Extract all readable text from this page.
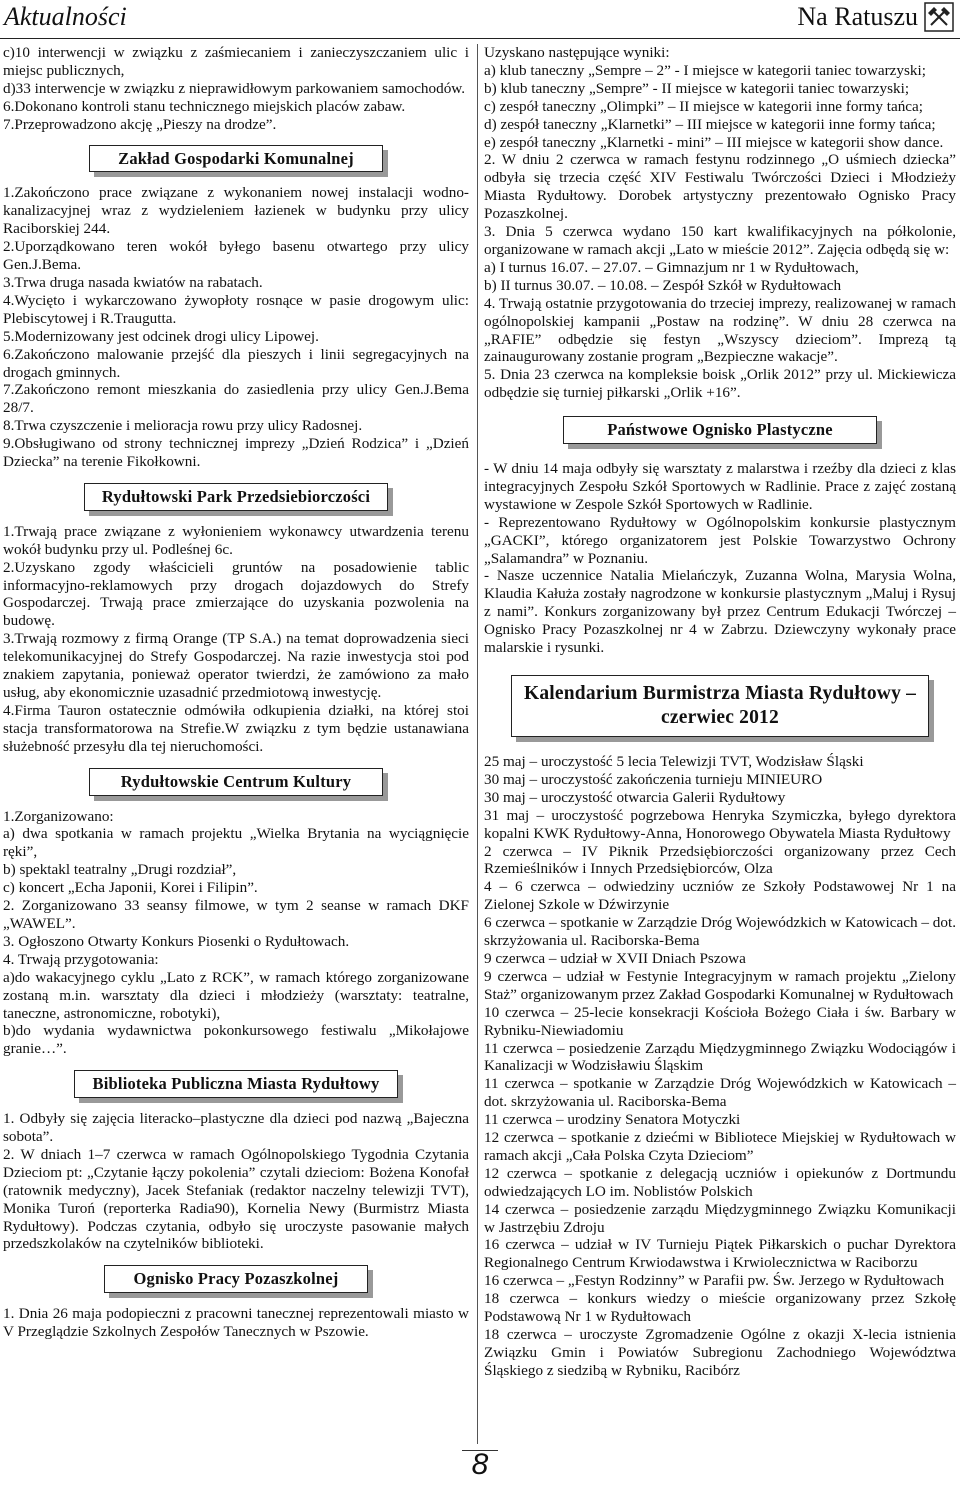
Aktualności	Na Ratuszu

c)10 interwencji w związku z zaśmiecaniem i zanieczyszczaniem ulic i miejsc publicznych,

d)33 interwencje w związku z nieprawidłowym parkowaniem samochodów.

6.Dokonano kontroli stanu technicznego miejskich placów zabaw.

7.Przeprowadzono akcję „Pieszy na drodze”.

Zakład Gospodarki Komunalnej

1.Zakończono prace związane z wykonaniem nowej instalacji wodno-kanalizacyjnej wraz z wydzieleniem łazienek w budynku przy ulicy Raciborskiej 244.

2.Uporządkowano teren wokół byłego basenu otwartego przy ulicy Gen.J.Bema.

3.Trwa druga nasada kwiatów na rabatach.

4.Wycięto i wykarczowano żywopłoty rosnące w pasie drogowym ulic: Plebiscytowej i R.Traugutta.

5.Modernizowany jest odcinek drogi ulicy Lipowej.

6.Zakończono malowanie przejść dla pieszych i linii segregacyjnych na drogach gminnych.

7.Zakończono remont mieszkania do zasiedlenia przy ulicy Gen.J.Bema 28/7.

8.Trwa czyszczenie i melioracja rowu przy ulicy Radosnej.

9.Obsługiwano od strony technicznej imprezy „Dzień Rodzica” i „Dzień Dziecka” na terenie Fikołkowni.

Rydułtowski Park Przedsiebiorczości

1.Trwają prace związane z wyłonieniem wykonawcy utwardzenia terenu wokół budynku przy ul. Podleśnej 6c.

2.Uzyskano zgody właścicieli gruntów na posadowienie tablic informacyjno-reklamowych przy drogach dojazdowych do Strefy Gospodarczej. Trwają prace zmierzające do uzyskania pozwolenia na budowę.

3.Trwają rozmowy z firmą Orange (TP S.A.) na temat doprowadzenia sieci telekomunikacyjnej do Strefy Gospodarczej. Na razie inwestycja stoi pod znakiem zapytania, ponieważ operator twierdzi, że zamówiono za mało usług, aby ekonomicznie uzasadnić przedmiotową inwestycję.

4.Firma Tauron ostatecznie odmówiła odkupienia działki, na której stoi stacja transformatorowa na Strefie.W związku z tym będzie ustanawiana służebność przesyłu dla tej nieruchomości.

Rydułtowskie Centrum Kultury

1.Zorganizowano:

a) dwa spotkania w ramach projektu „Wielka Brytania na wyciągnięcie ręki”,

b) spektakl teatralny „Drugi rozdział”,

c) koncert „Echa Japonii, Korei i Filipin”.

2. Zorganizowano 33 seansy filmowe, w tym 2 seanse w ramach DKF „WAWEL”.

3. Ogłoszono Otwarty Konkurs Piosenki o Rydułtowach.

4. Trwają przygotowania:

a)do wakacyjnego cyklu „Lato z RCK”, w ramach którego zorganizowane zostaną m.in. warsztaty dla dzieci i młodzieży (warsztaty: teatralne, taneczne, astronomiczne, robotyki),

b)do wydania wydawnictwa pokonkursowego festiwalu „Mikołajowe granie…”.

Biblioteka Publiczna Miasta Rydułtowy

1. Odbyły się zajęcia literacko–plastyczne dla dzieci pod nazwą „Bajeczna sobota”.

2. W dniach 1–7 czerwca w ramach Ogólnopolskiego Tygodnia Czytania Dzieciom pt: „Czytanie łączy pokolenia” czytali dzieciom: Bożena Konofał (ratownik medyczny), Jacek Stefaniak (redaktor naczelny telewizji TVT), Monika Turoń (reporterka Radia90), Kornelia Newy (Burmistrz Miasta Rydułtowy). Podczas czytania, odbyło się uroczyste pasowanie małych przedszkolaków na czytelników biblioteki.

Ognisko Pracy Pozaszkolnej

1. Dnia 26 maja podopieczni z pracowni tanecznej reprezentowali miasto w V Przeglądzie Szkolnych Zespołów Tanecznych w Pszowie.

Uzyskano następujące wyniki:

a) klub taneczny „Sempre – 2” - I miejsce w kategorii taniec towarzyski;

b) klub taneczny „Sempre” - II miejsce w kategorii taniec towarzyski;

c) zespół taneczny „Olimpki” – II miejsce w kategorii inne formy tańca;

d) zespół taneczny „Klarnetki” – III miejsce w kategorii inne formy tańca;

e) zespół taneczny „Klarnetki - mini” – III miejsce w kategorii show dance.

2. W dniu 2 czerwca w ramach festynu rodzinnego „O uśmiech dziecka” odbyła się trzecia część XIV Festiwalu Twórczości Dzieci i Młodzieży Miasta Rydułtowy. Dorobek artystyczny prezentowało Ognisko Pracy Pozaszkolnej.

3. Dnia 5 czerwca wydano 150 kart kwalifikacyjnych na półkolonie, organizowane w ramach akcji „Lato w mieście 2012”. Zajęcia odbędą się w:

a) I turnus 16.07. – 27.07. – Gimnazjum nr 1 w Rydułtowach,

b) II turnus 30.07. – 10.08. – Zespół Szkół w Rydułtowach

4. Trwają ostatnie przygotowania do trzeciej imprezy, realizowanej w ramach ogólnopolskiej kampanii „Postaw na rodzinę”. W dniu 28 czerwca na „RAFIE” odbędzie się festyn „Wszyscy dzieciom”. Imprezą tą zainaugurowany zostanie program „Bezpieczne wakacje”.

5. Dnia 23 czerwca na kompleksie boisk „Orlik 2012” przy ul. Mickiewicza odbędzie się turniej piłkarski „Orlik +16”.

Państwowe Ognisko Plastyczne

- W dniu 14 maja odbyły się warsztaty z malarstwa i rzeźby dla dzieci z klas integracyjnych Zespołu Szkół Sportowych w Radlinie. Prace z zajęć zostaną wystawione w Zespole Szkół Sportowych w Radlinie.

- Reprezentowano Rydułtowy w Ogólnopolskim konkursie plastycznym „GACKI”, którego organizatorem jest Polskie Towarzystwo Ochrony „Salamandra” w Poznaniu.

- Nasze uczennice Natalia Mielańczyk, Zuzanna Wolna, Marysia Wolna, Klaudia Kałuża zostały nagrodzone w konkursie plastycznym „Maluj i Rysuj z nami”. Konkurs zorganizowany był przez Centrum Edukacji Twórczej – Ognisko Pracy Pozaszkolnej nr 4 w Zabrzu. Dziewczyny wykonały prace malarskie i rysunki.

Kalendarium Burmistrza Miasta Rydułtowy – czerwiec 2012

25 maj – uroczystość 5 lecia Telewizji TVT, Wodzisław Śląski

30 maj – uroczystość zakończenia turnieju MINIEURO

30 maj – uroczystość otwarcia Galerii Rydułtowy

31 maj – uroczystość pogrzebowa Henryka Szymiczka, byłego dyrektora kopalni KWK Rydułtowy-Anna, Honorowego Obywatela Miasta Rydułtowy

2 czerwca – IV Piknik Przedsiębiorczości organizowany przez Cech Rzemieślników i Innych Przedsiębiorców, Olza

4 – 6 czerwca – odwiedziny uczniów ze Szkoły Podstawowej Nr 1 na Zielonej Szkole w Dźwirzynie

6 czerwca – spotkanie w Zarządzie Dróg Wojewódzkich w Katowicach – dot. skrzyżowania ul. Raciborska-Bema

9 czerwca – udział w XVII Dniach Pszowa

9 czerwca – udział w Festynie Integracyjnym w ramach projektu „Zielony Staż” organizowanym przez Zakład Gospodarki Komunalnej w Rydułtowach

10 czerwca – 25-lecie konsekracji Kościoła Bożego Ciała i św. Barbary w Rybniku-Niewiadomiu

11 czerwca – posiedzenie Zarządu Międzygminnego Związku Wodociągów i Kanalizacji w Wodzisławiu Śląskim

11 czerwca – spotkanie w Zarządzie Dróg Wojewódzkich w Katowicach – dot. skrzyżowania ul. Raciborska-Bema

11 czerwca – urodziny Senatora Motyczki

12 czerwca – spotkanie z dziećmi w Bibliotece Miejskiej w Rydułtowach w ramach akcji „Cała Polska Czyta Dzieciom”

12 czerwca – spotkanie z delegacją uczniów i opiekunów z Dortmundu odwiedzających LO im. Noblistów Polskich

14 czerwca – posiedzenie zarządu Międzygminnego Związku Komunikacji w Jastrzębiu Zdroju

16 czerwca – udział w IV Turnieju Piątek Piłkarskich o puchar Dyrektora Regionalnego Centrum Krwiodawstwa i Krwiolecznictwa w Raciborzu

16 czerwca – „Festyn Rodzinny” w Parafii pw. Św. Jerzego w Rydułtowach

18 czerwca – konkurs wiedzy o mieście organizowany przez Szkołę Podstawową Nr 1 w Rydułtowach

18 czerwca – uroczyste Zgromadzenie Ogólne z okazji X-lecia istnienia Związku Gmin i Powiatów Subregionu Zachodniego Województwa Śląskiego z siedzibą w Rybniku, Racibórz

8
